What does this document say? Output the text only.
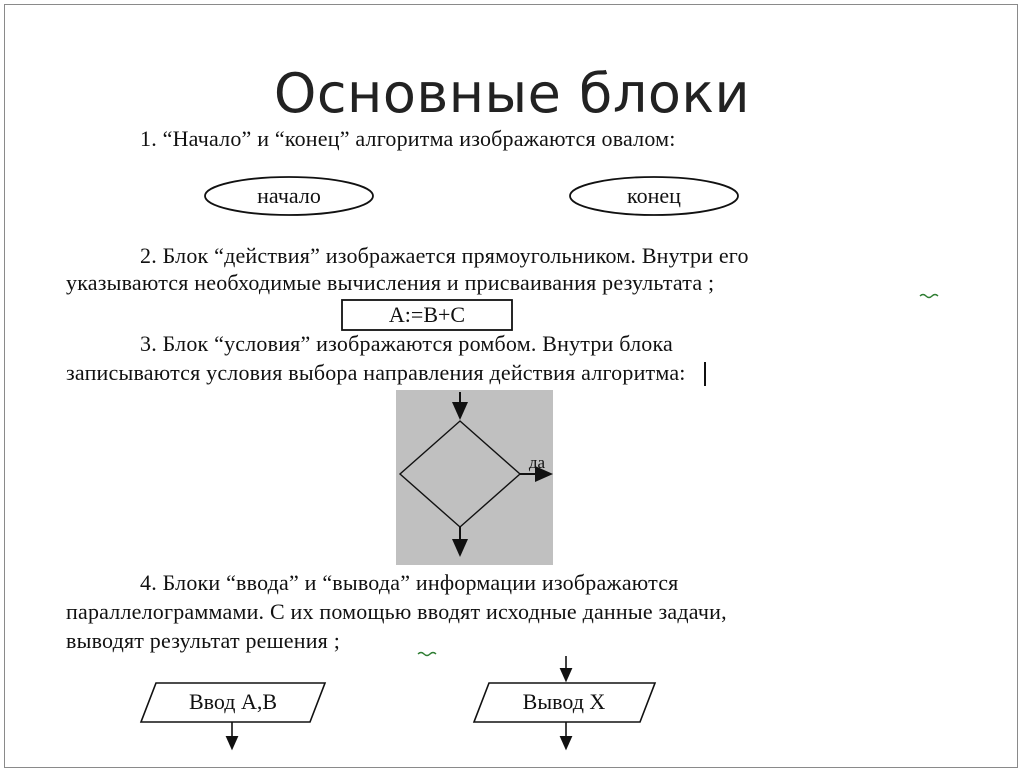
Основные блоки
1. “Начало” и “конец” алгоритма изображаются овалом:
2. Блок “действия” изображается прямоугольником. Внутри его
указываются необходимые вычисления и присваивания результата ;
3. Блок “условия” изображаются ромбом. Внутри блока
записываются условия выбора направления действия алгоритма:
4. Блоки “ввода” и “вывода” информации изображаются
параллелограммами. С их помощью вводят исходные данные задачи,
выводят результат решения ;
начало	конец
A:=B+C
да
Ввод A,B	Вывод X
